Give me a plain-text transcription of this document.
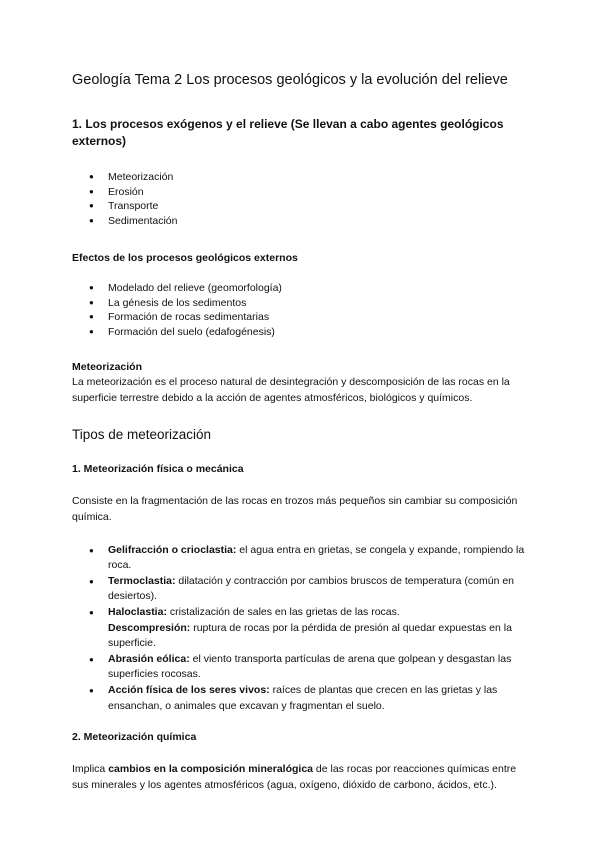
Geología Tema 2 Los procesos geológicos y la evolución del relieve
1. Los procesos exógenos y el relieve (Se llevan a cabo agentes geológicos externos)
● Meteorización
● Erosión
● Transporte
● Sedimentación
Efectos de los procesos geológicos externos
● Modelado del relieve (geomorfología)
● La génesis de los sedimentos
● Formación de rocas sedimentarias
● Formación del suelo (edafogénesis)

Meteorización

La meteorización es el proceso natural de desintegración y descomposición de las rocas en la superficie terrestre debido a la acción de agentes atmosféricos, biológicos y químicos.

Tipos de meteorización
1. Meteorización física o mecánica

Consiste en la fragmentación de las rocas en trozos más pequeños sin cambiar su composición química.

● Gelifracción o crioclastia: el agua entra en grietas, se congela y expande, rompiendo la roca.
● Termoclastia: dilatación y contracción por cambios bruscos de temperatura (común en desiertos).
● Haloclastia: cristalización de sales en las grietas de las rocas.
Descompresión: ruptura de rocas por la pérdida de presión al quedar expuestas en la superficie.
● Abrasión eólica: el viento transporta partículas de arena que golpean y desgastan las superficies rocosas.
● Acción física de los seres vivos: raíces de plantas que crecen en las grietas y las ensanchan, o animales que excavan y fragmentan el suelo.
2. Meteorización química

Implica cambios en la composición mineralógica de las rocas por reacciones químicas entre sus minerales y los agentes atmosféricos (agua, oxígeno, dióxido de carbono, ácidos, etc.).
